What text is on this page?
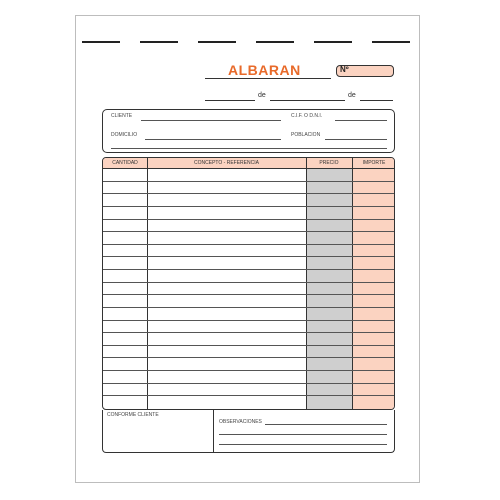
ALBARAN	Nº
de	de
CLIENTE	C.I.F. O D.N.I.
DOMICILIO	POBLACION
CANTIDAD	CONCEPTO - REFERENCIA	PRECIO	IMPORTE
CONFORME CLIENTE
OBSERVACIONES
